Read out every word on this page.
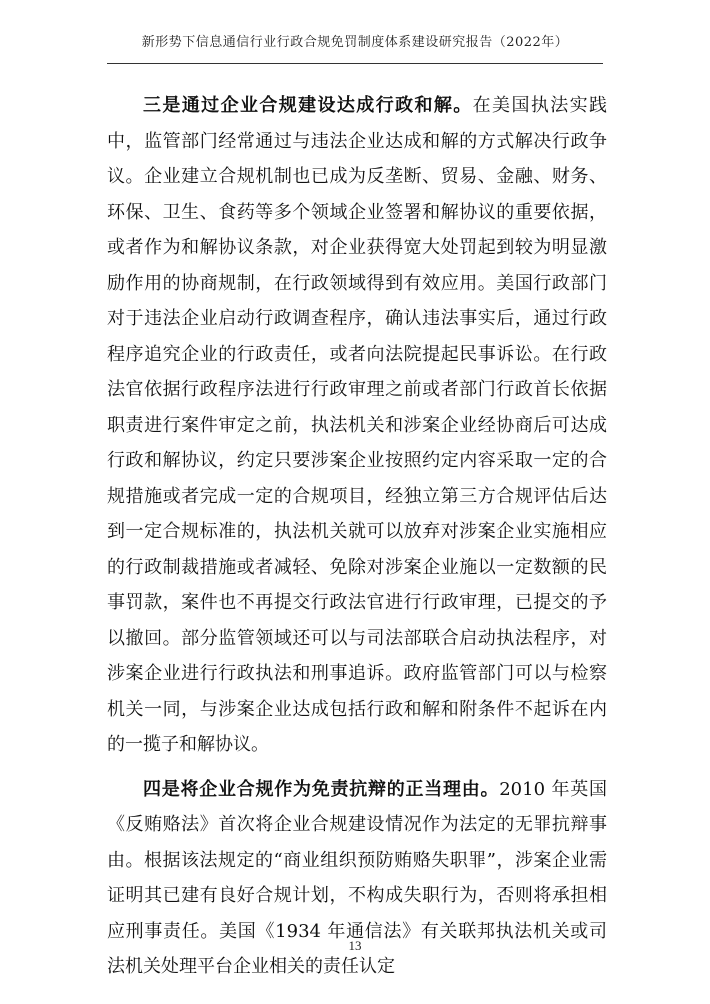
新形势下信息通信行业行政合规免罚制度体系建设研究报告（2022年）

三是通过企业合规建设达成行政和解。在美国执法实践中，监管部门经常通过与违法企业达成和解的方式解决行政争议。企业建立合规机制也已成为反垄断、贸易、金融、财务、环保、卫生、食药等多个领域企业签署和解协议的重要依据，或者作为和解协议条款，对企业获得宽大处罚起到较为明显激励作用的协商规制，在行政领域得到有效应用。美国行政部门对于违法企业启动行政调查程序，确认违法事实后，通过行政程序追究企业的行政责任，或者向法院提起民事诉讼。在行政法官依据行政程序法进行行政审理之前或者部门行政首长依据职责进行案件审定之前，执法机关和涉案企业经协商后可达成行政和解协议，约定只要涉案企业按照约定内容采取一定的合规措施或者完成一定的合规项目，经独立第三方合规评估后达到一定合规标准的，执法机关就可以放弃对涉案企业实施相应的行政制裁措施或者减轻、免除对涉案企业施以一定数额的民事罚款，案件也不再提交行政法官进行行政审理，已提交的予以撤回。部分监管领域还可以与司法部联合启动执法程序，对涉案企业进行行政执法和刑事追诉。政府监管部门可以与检察机关一同，与涉案企业达成包括行政和解和附条件不起诉在内的一揽子和解协议。

四是将企业合规作为免责抗辩的正当理由。2010 年英国《反贿赂法》首次将企业合规建设情况作为法定的无罪抗辩事由。根据该法规定的“商业组织预防贿赂失职罪”，涉案企业需证明其已建有良好合规计划，不构成失职行为，否则将承担相应刑事责任。美国《1934 年通信法》有关联邦执法机关或司法机关处理平台企业相关的责任认定

13
